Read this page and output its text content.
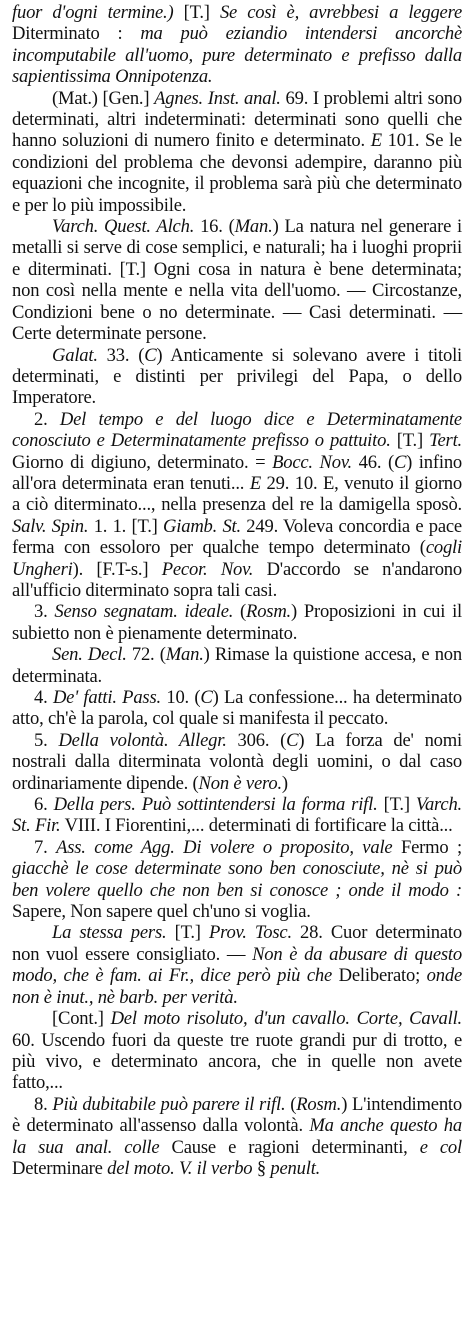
fuor d'ogni termine.) [T.] Se così è, avrebbesi a leggere Diterminato : ma può eziandio intendersi ancorchè incomputabile all'uomo, pure determinato e prefisso dalla sapientissima Onnipotenza.

(Mat.) [Gen.] Agnes. Inst. anal. 69. I problemi altri sono determinati, altri indeterminati: determinati sono quelli che hanno soluzioni di numero finito e determinato. E 101. Se le condizioni del problema che devonsi adempire, daranno più equazioni che incognite, il problema sarà più che determinato e per lo più impossibile.

Varch. Quest. Alch. 16. (Man.) La natura nel generare i metalli si serve di cose semplici, e naturali; ha i luoghi proprii e diterminati. [T.] Ogni cosa in natura è bene determinata; non così nella mente e nella vita dell'uomo. — Circostanze, Condizioni bene o no determinate. — Casi determinati. — Certe determinate persone.

Galat. 33. (C) Anticamente si solevano avere i titoli determinati, e distinti per privilegi del Papa, o dello Imperatore.

2. Del tempo e del luogo dice e Determinatamente conosciuto e Determinatamente prefisso o pattuito. [T.] Tert. Giorno di digiuno, determinato. = Bocc. Nov. 46. (C) infino all'ora determinata eran tenuti... E 29. 10. E, venuto il giorno a ciò diterminato..., nella presenza del re la damigella sposò. Salv. Spin. 1. 1. [T.] Giamb. St. 249. Voleva concordia e pace ferma con essoloro per qualche tempo determinato (cogli Ungheri). [F.T-s.] Pecor. Nov. D'accordo se n'andarono all'ufficio diterminato sopra tali casi.

3. Senso segnatam. ideale. (Rosm.) Proposizioni in cui il subietto non è pienamente determinato.

Sen. Decl. 72. (Man.) Rimase la quistione accesa, e non determinata.

4. De' fatti. Pass. 10. (C) La confessione... ha determinato atto, ch'è la parola, col quale si manifesta il peccato.

5. Della volontà. Allegr. 306. (C) La forza de' nomi nostrali dalla diterminata volontà degli uomini, o dal caso ordinariamente dipende. (Non è vero.)

6. Della pers. Può sottintendersi la forma rifl. [T.] Varch. St. Fir. VIII. I Fiorentini,... determinati di fortificare la città...

7. Ass. come Agg. Di volere o proposito, vale Fermo ; giacchè le cose determinate sono ben conosciute, nè si può ben volere quello che non ben si conosce ; onde il modo : Sapere, Non sapere quel ch'uno si voglia.

La stessa pers. [T.] Prov. Tosc. 28. Cuor determinato non vuol essere consigliato. — Non è da abusare di questo modo, che è fam. ai Fr., dice però più che Deliberato; onde non è inut., nè barb. per verità.

[Cont.] Del moto risoluto, d'un cavallo. Corte, Cavall. 60. Uscendo fuori da queste tre ruote grandi pur di trotto, e più vivo, e determinato ancora, che in quelle non avete fatto,...

8. Più dubitabile può parere il rifl. (Rosm.) L'intendimento è determinato all'assenso dalla volontà. Ma anche questo ha la sua anal. colle Cause e ragioni determinanti, e col Determinare del moto. V. il verbo § penult.
